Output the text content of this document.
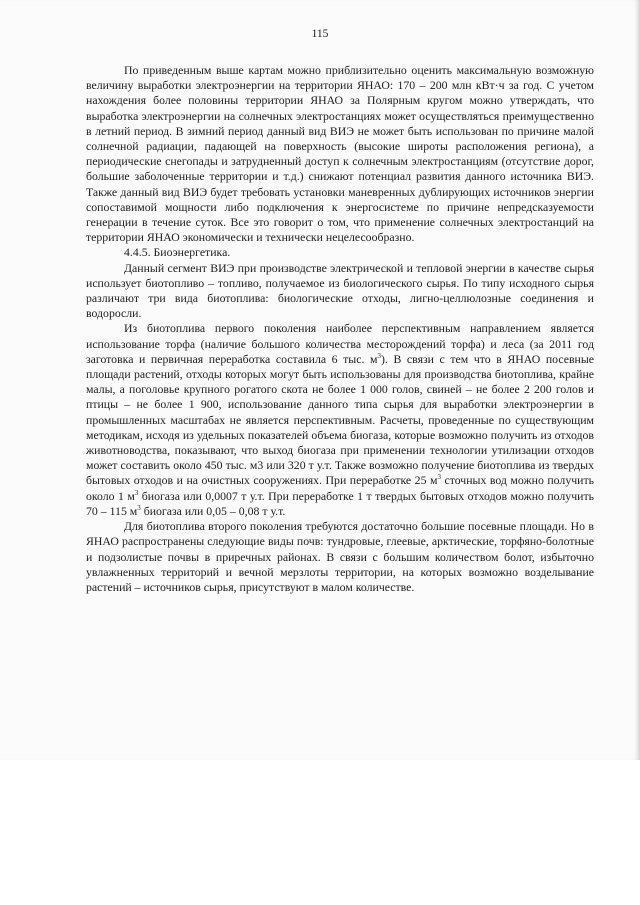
115

По приведенным выше картам можно приблизительно оценить максимальную возможную величину выработки электроэнергии на территории ЯНАО: 170 – 200 млн кВт·ч за год. С учетом нахождения более половины территории ЯНАО за Полярным кругом можно утверждать, что выработка электроэнергии на солнечных электростанциях может осуществляться преимущественно в летний период. В зимний период данный вид ВИЭ не может быть использован по причине малой солнечной радиации, падающей на поверхность (высокие широты расположения региона), а периодические снегопады и затрудненный доступ к солнечным электростанциям (отсутствие дорог, большие заболоченные территории и т.д.) снижают потенциал развития данного источника ВИЭ. Также данный вид ВИЭ будет требовать установки маневренных дублирующих источников энергии сопоставимой мощности либо подключения к энергосистеме по причине непредсказуемости генерации в течение суток. Все это говорит о том, что применение солнечных электростанций на территории ЯНАО экономически и технически нецелесообразно.

4.4.5. Биоэнергетика.

Данный сегмент ВИЭ при производстве электрической и тепловой энергии в качестве сырья использует биотопливо – топливо, получаемое из биологического сырья. По типу исходного сырья различают три вида биотоплива: биологические отходы, лигно-целлюлозные соединения и водоросли.

Из биотоплива первого поколения наиболее перспективным направлением является использование торфа (наличие большого количества месторождений торфа) и леса (за 2011 год заготовка и первичная переработка составила 6 тыс. $м^3$). В связи с тем что в ЯНАО посевные площади растений, отходы которых могут быть использованы для производства биотоплива, крайне малы, а поголовье крупного рогатого скота не более 1 000 голов, свиней – не более 2 200 голов и птицы – не более 1 900, использование данного типа сырья для выработки электроэнергии в промышленных масштабах не является перспективным. Расчеты, проведенные по существующим методикам, исходя из удельных показателей объема биогаза, которые возможно получить из отходов животноводства, показывают, что выход биогаза при применении технологии утилизации отходов может составить около 450 тыс. м3 или 320 т у.т. Также возможно получение биотоплива из твердых бытовых отходов и на очистных сооружениях. При переработке 25 $м^3$ сточных вод можно получить около 1 $м^3$ биогаза или 0,0007 т у.т. При переработке 1 т твердых бытовых отходов можно получить 70 – 115 $м^3$ биогаза или 0,05 – 0,08 т у.т.

Для биотоплива второго поколения требуются достаточно большие посевные площади. Но в ЯНАО распространены следующие виды почв: тундровые, глеевые, арктические, торфяно-болотные и подзолистые почвы в приречных районах. В связи с большим количеством болот, избыточно увлажненных территорий и вечной мерзлоты территории, на которых возможно возделывание растений – источников сырья, присутствуют в малом количестве.
